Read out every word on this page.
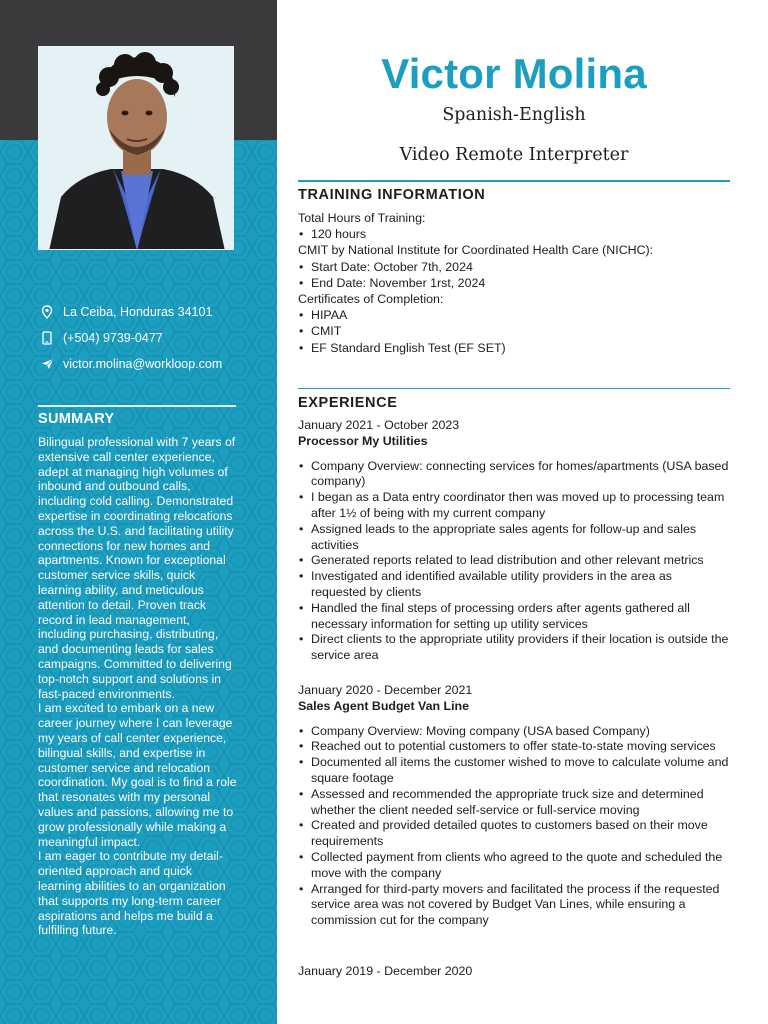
La Ceiba, Honduras 34101
(+504) 9739-0477
victor.molina@workloop.com
SUMMARY

Bilingual professional with 7 years of extensive call center experience, adept at managing high volumes of inbound and outbound calls, including cold calling. Demonstrated expertise in coordinating relocations across the U.S. and facilitating utility connections for new homes and apartments. Known for exceptional customer service skills, quick learning ability, and meticulous attention to detail. Proven track record in lead management, including purchasing, distributing, and documenting leads for sales campaigns. Committed to delivering top-notch support and solutions in fast-paced environments.

I am excited to embark on a new career journey where I can leverage my years of call center experience, bilingual skills, and expertise in customer service and relocation coordination. My goal is to find a role that resonates with my personal values and passions, allowing me to grow professionally while making a meaningful impact.

I am eager to contribute my detail-oriented approach and quick learning abilities to an organization that supports my long-term career aspirations and helps me build a fulfilling future.

Victor Molina
Spanish-English
Video Remote Interpreter
TRAINING INFORMATION
Total Hours of Training:
• 120 hours
CMIT by National Institute for Coordinated Health Care (NICHC):
• Start Date: October 7th, 2024
• End Date: November 1rst, 2024
Certificates of Completion:
• HIPAA
• CMIT
• EF Standard English Test (EF SET)
EXPERIENCE
January 2021 - October 2023
Processor My Utilities
• Company Overview: connecting services for homes/apartments (USA based company)
• I began as a Data entry coordinator then was moved up to processing team after 1½ of being with my current company
• Assigned leads to the appropriate sales agents for follow-up and sales activities
• Generated reports related to lead distribution and other relevant metrics
• Investigated and identified available utility providers in the area as requested by clients
• Handled the final steps of processing orders after agents gathered all necessary information for setting up utility services
• Direct clients to the appropriate utility providers if their location is outside the service area
January 2020 - December 2021
Sales Agent Budget Van Line
• Company Overview: Moving company (USA based Company)
• Reached out to potential customers to offer state-to-state moving services
• Documented all items the customer wished to move to calculate volume and square footage
• Assessed and recommended the appropriate truck size and determined whether the client needed self-service or full-service moving
• Created and provided detailed quotes to customers based on their move requirements
• Collected payment from clients who agreed to the quote and scheduled the move with the company
• Arranged for third-party movers and facilitated the process if the requested service area was not covered by Budget Van Lines, while ensuring a commission cut for the company
January 2019 - December 2020
